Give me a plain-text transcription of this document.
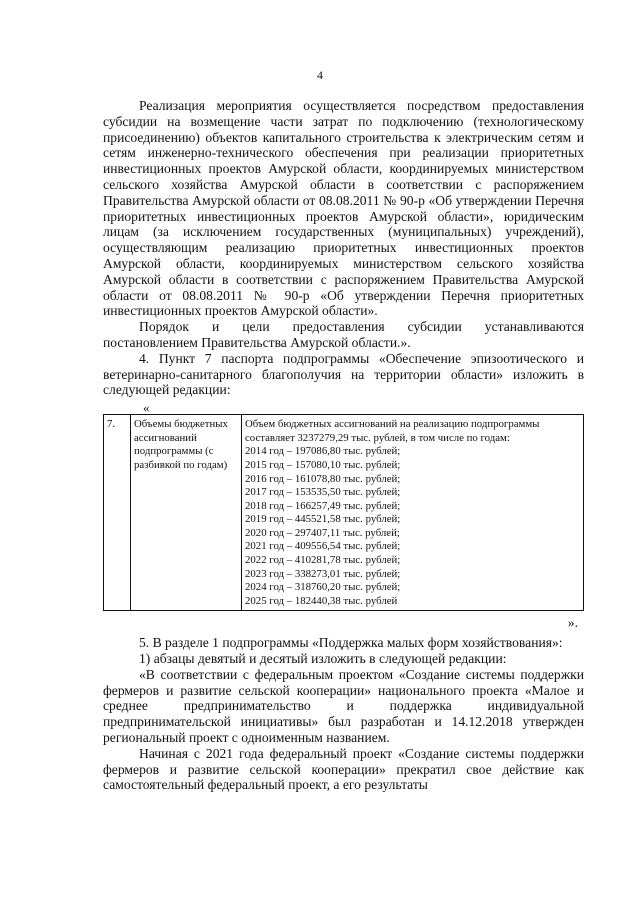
4

Реализация мероприятия осуществляется посредством предоставления субсидии на возмещение части затрат по подключению (технологическому присоединению) объектов капитального строительства к электрическим сетям и сетям инженерно-технического обеспечения при реализации приоритетных инвестиционных проектов Амурской области, координируемых министерством сельского хозяйства Амурской области в соответствии с распоряжением Правительства Амурской области от 08.08.2011 № 90-р «Об утверждении Перечня приоритетных инвестиционных проектов Амурской области», юридическим лицам (за исключением государственных (муниципальных) учреждений), осуществляющим реализацию приоритетных инвестиционных проектов Амурской области, координируемых министерством сельского хозяйства Амурской области в соответствии с распоряжением Правительства Амурской области от 08.08.2011 № 90-р «Об утверждении Перечня приоритетных инвестиционных проектов Амурской области».

Порядок и цели предоставления субсидии устанавливаются постановлением Правительства Амурской области.».

4. Пункт 7 паспорта подпрограммы «Обеспечение эпизоотического и ветеринарно-санитарного благополучия на территории области» изложить в следующей редакции:

«
7.	Объемы бюджетных ассигнований подпрограммы (с разбивкой по годам)	
Объем бюджетных ассигнований на реализацию подпрограммы
составляет 3237279,29 тыс. рублей, в том числе по годам:
2014 год – 197086,80 тыс. рублей;
2015 год – 157080,10 тыс. рублей;
2016 год – 161078,80 тыс. рублей;
2017 год – 153535,50 тыс. рублей;
2018 год – 166257,49 тыс. рублей;
2019 год – 445521,58 тыс. рублей;
2020 год – 297407,11 тыс. рублей;
2021 год – 409556,54 тыс. рублей;
2022 год – 410281,78 тыс. рублей;
2023 год – 338273,01 тыс. рублей;
2024 год – 318760,20 тыс. рублей;
2025 год – 182440,38 тыс. рублей
».

5. В разделе 1 подпрограммы «Поддержка малых форм хозяйствования»:

1) абзацы девятый и десятый изложить в следующей редакции:

«В соответствии с федеральным проектом «Создание системы поддержки фермеров и развитие сельской кооперации» национального проекта «Малое и среднее предпринимательство и поддержка индивидуальной предпринимательской инициативы» был разработан и 14.12.2018 утвержден региональный проект с одноименным названием.

Начиная с 2021 года федеральный проект «Создание системы поддержки фермеров и развитие сельской кооперации» прекратил свое действие как самостоятельный федеральный проект, а его результаты
